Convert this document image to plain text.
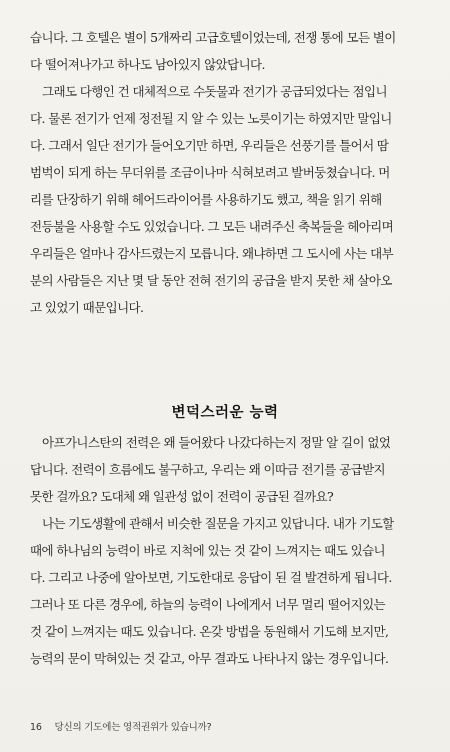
습니다. 그 호텔은 별이 5개짜리 고급호텔이었는데, 전쟁 통에 모든 별이
다 떨어져나가고 하나도 남아있지 않았답니다.

그래도 다행인 건 대체적으로 수돗물과 전기가 공급되었다는 점입니
다. 물론 전기가 언제 정전될 지 알 수 있는 노릇이기는 하였지만 말입니
다. 그래서 일단 전기가 들어오기만 하면, 우리들은 선풍기를 틀어서 땀
범벅이 되게 하는 무더위를 조금이나마 식혀보려고 발버둥쳤습니다. 머
리를 단장하기 위해 헤어드라이어를 사용하기도 했고, 책을 읽기 위해
전등불을 사용할 수도 있었습니다. 그 모든 내려주신 축복들을 헤아리며
우리들은 얼마나 감사드렸는지 모릅니다. 왜냐하면 그 도시에 사는 대부
분의 사람들은 지난 몇 달 동안 전혀 전기의 공급을 받지 못한 채 살아오
고 있었기 때문입니다.

변덕스러운 능력

아프가니스탄의 전력은 왜 들어왔다 나갔다하는지 정말 알 길이 없었
답니다. 전력이 흐름에도 불구하고, 우리는 왜 이따금 전기를 공급받지
못한 걸까요? 도대체 왜 일관성 없이 전력이 공급된 걸까요?

나는 기도생활에 관해서 비슷한 질문을 가지고 있답니다. 내가 기도할
때에 하나님의 능력이 바로 지척에 있는 것 같이 느껴지는 때도 있습니
다. 그리고 나중에 알아보면, 기도한대로 응답이 된 걸 발견하게 됩니다.
그러나 또 다른 경우에, 하늘의 능력이 나에게서 너무 멀리 떨어지있는
것 같이 느껴지는 때도 있습니다. 온갖 방법을 동원해서 기도해 보지만,
능력의 문이 막혀있는 것 같고, 아무 결과도 나타나지 않는 경우입니다.

16 당신의 기도에는 영적권위가 있습니까?
